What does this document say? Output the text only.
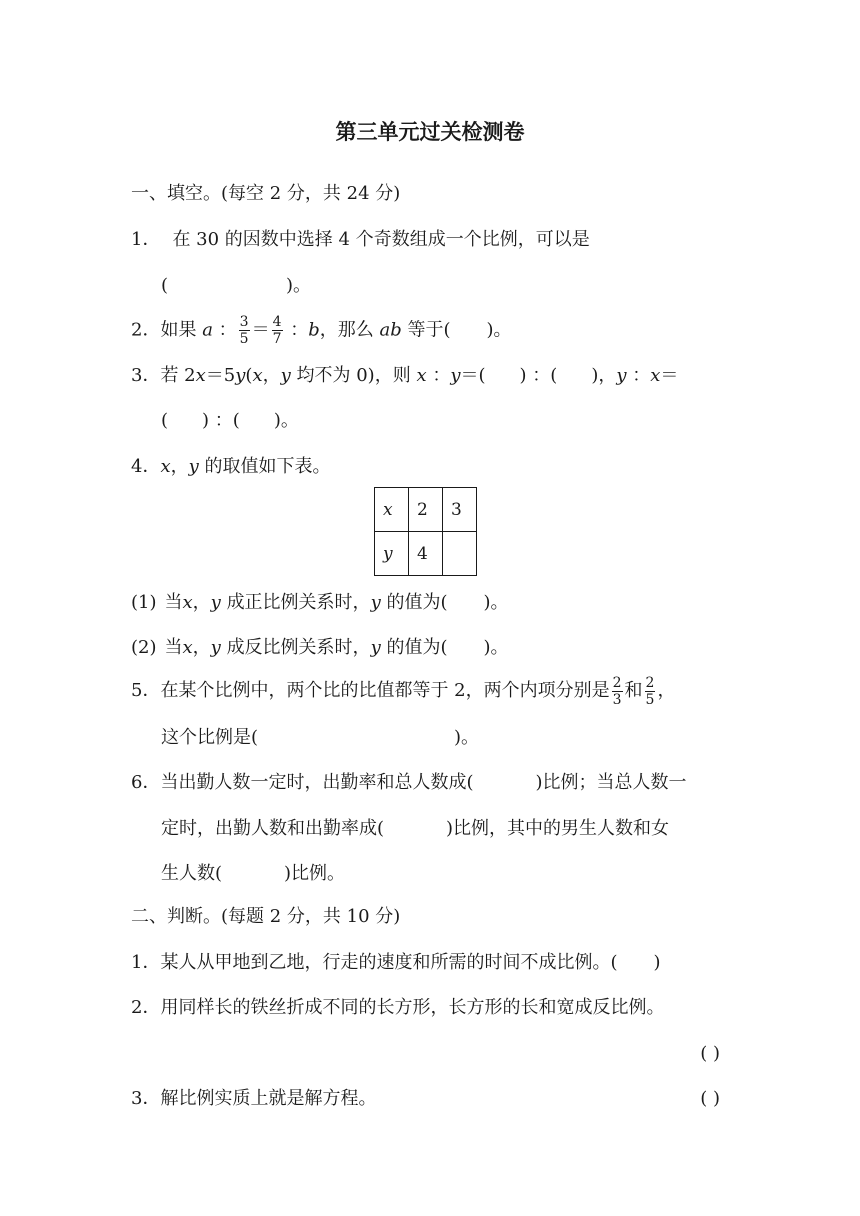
第三单元过关检测卷
一、填空。(每空 2 分，共 24 分)
1． 在 30 的因数中选择 4 个奇数组成一个比例，可以是
(	)。
2．如果 a ： $\frac{3}{5} = \frac{4}{7}$ ：b，那么 ab 等于( )。
3．若 2x＝5y(x，y 均不为 0)，则 x ：y＝( ) ：( )，y ：x＝
( ) ：( )。
4．x，y 的取值如下表。
x	2	3
y	4	
(1) 当x，y 成正比例关系时，y 的值为( )。
(2) 当x，y 成反比例关系时，y 的值为( )。
5．在某个比例中，两个比的比值都等于 2，两个内项分别是 $\frac{2}{3}$ 和 $\frac{2}{5}$ ，
这个比例是(	)。
6．当出勤人数一定时，出勤率和总人数成(	)比例；当总人数一
定时，出勤人数和出勤率成(	)比例，其中的男生人数和女
生人数(	)比例。
二、判断。(每题 2 分，共 10 分)
1．某人从甲地到乙地，行走的速度和所需的时间不成比例。( )
2．用同样长的铁丝折成不同的长方形，长方形的长和宽成反比例。
( )
3．解比例实质上就是解方程。	( )
